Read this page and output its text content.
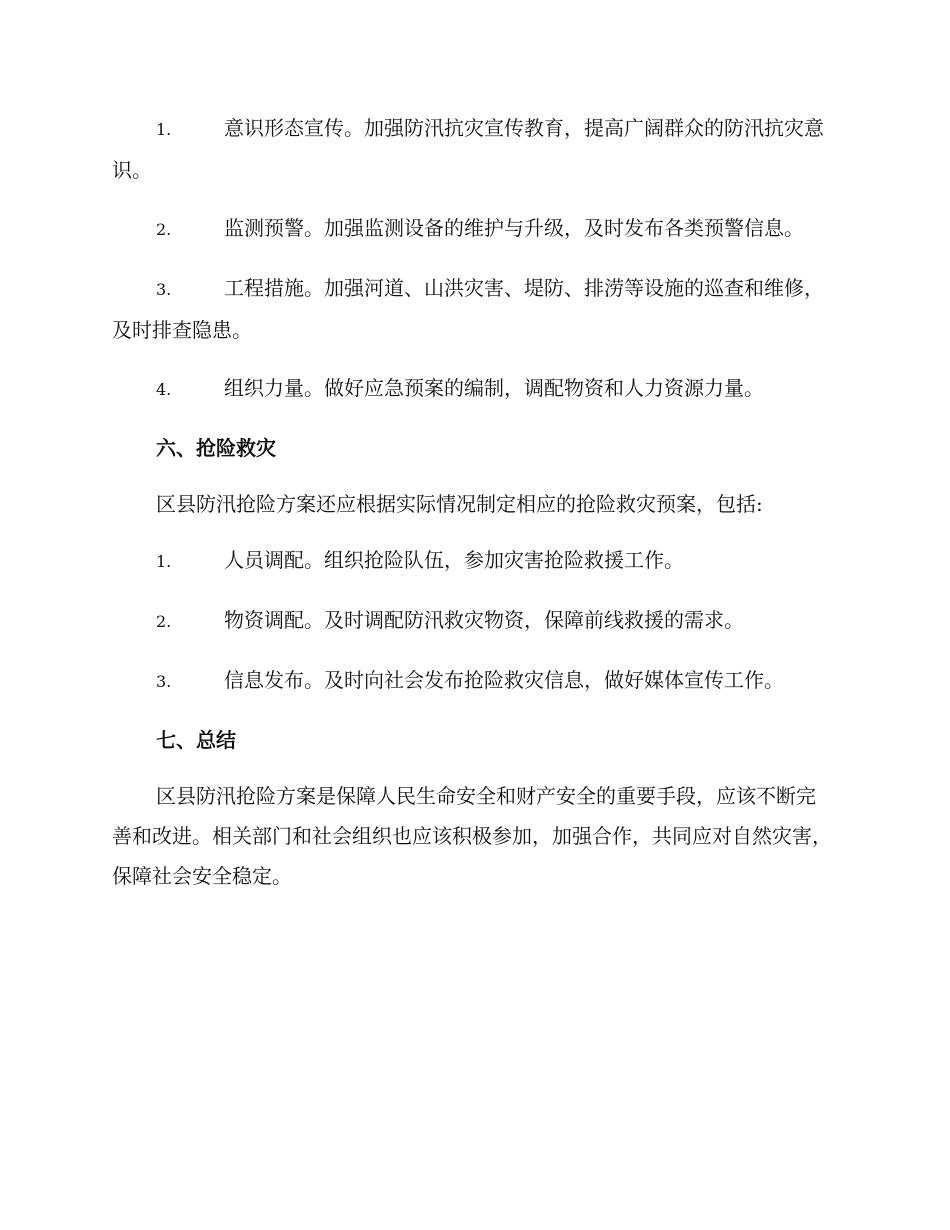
1.	意识形态宣传。加强防汛抗灾宣传教育，提高广阔群众的防汛抗灾意识。
2.	监测预警。加强监测设备的维护与升级，及时发布各类预警信息。
3.	工程措施。加强河道、山洪灾害、堤防、排涝等设施的巡查和维修，及时排查隐患。
4.	组织力量。做好应急预案的编制，调配物资和人力资源力量。
六、抢险救灾
区县防汛抢险方案还应根据实际情况制定相应的抢险救灾预案，包括:
1.	人员调配。组织抢险队伍，参加灾害抢险救援工作。
2.	物资调配。及时调配防汛救灾物资，保障前线救援的需求。
3.	信息发布。及时向社会发布抢险救灾信息，做好媒体宣传工作。
七、总结
区县防汛抢险方案是保障人民生命安全和财产安全的重要手段，应该不断完善和改进。相关部门和社会组织也应该积极参加，加强合作，共同应对自然灾害，保障社会安全稳定。
